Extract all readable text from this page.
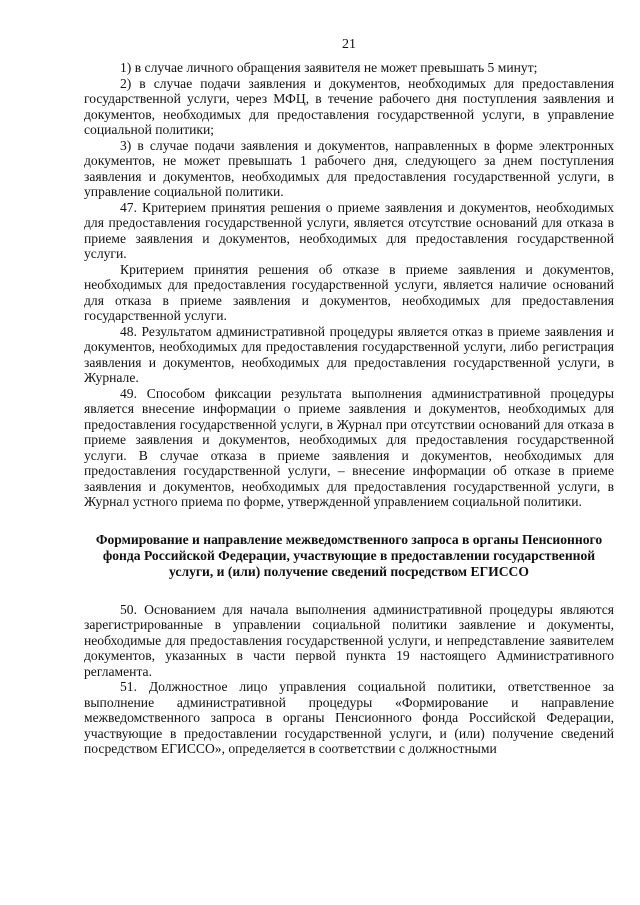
21

1) в случае личного обращения заявителя не может превышать 5 минут;

2) в случае подачи заявления и документов, необходимых для предоставления государственной услуги, через МФЦ, в течение рабочего дня поступления заявления и документов, необходимых для предоставления государственной услуги, в управление социальной политики;

3) в случае подачи заявления и документов, направленных в форме электронных документов, не может превышать 1 рабочего дня, следующего за днем поступления заявления и документов, необходимых для предоставления государственной услуги, в управление социальной политики.

47. Критерием принятия решения о приеме заявления и документов, необходимых для предоставления государственной услуги, является отсутствие оснований для отказа в приеме заявления и документов, необходимых для предоставления государственной услуги.

Критерием принятия решения об отказе в приеме заявления и документов, необходимых для предоставления государственной услуги, является наличие оснований для отказа в приеме заявления и документов, необходимых для предоставления государственной услуги.

48. Результатом административной процедуры является отказ в приеме заявления и документов, необходимых для предоставления государственной услуги, либо регистрация заявления и документов, необходимых для предоставления государственной услуги, в Журнале.

49. Способом фиксации результата выполнения административной процедуры является внесение информации о приеме заявления и документов, необходимых для предоставления государственной услуги, в Журнал при отсутствии оснований для отказа в приеме заявления и документов, необходимых для предоставления государственной услуги. В случае отказа в приеме заявления и документов, необходимых для предоставления государственной услуги, – внесение информации об отказе в приеме заявления и документов, необходимых для предоставления государственной услуги, в Журнал устного приема по форме, утвержденной управлением социальной политики.

Формирование и направление межведомственного запроса в органы Пенсионного фонда Российской Федерации, участвующие в предоставлении государственной услуги, и (или) получение сведений посредством ЕГИССО

50. Основанием для начала выполнения административной процедуры являются зарегистрированные в управлении социальной политики заявление и документы, необходимые для предоставления государственной услуги, и непредставление заявителем документов, указанных в части первой пункта 19 настоящего Административного регламента.

51. Должностное лицо управления социальной политики, ответственное за выполнение административной процедуры «Формирование и направление межведомственного запроса в органы Пенсионного фонда Российской Федерации, участвующие в предоставлении государственной услуги, и (или) получение сведений посредством ЕГИССО», определяется в соответствии с должностными
